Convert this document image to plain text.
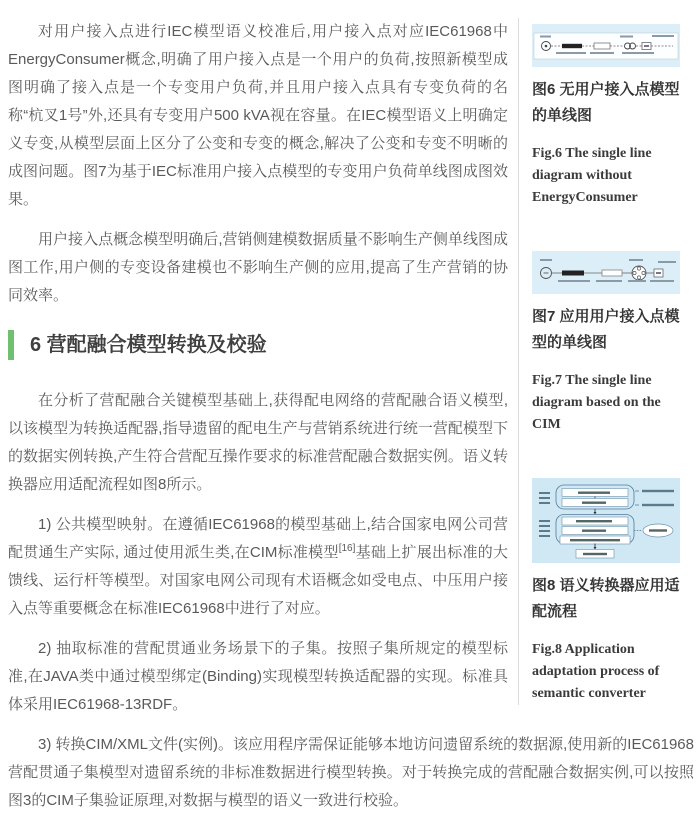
图6 无用户接入点模型的单线图
Fig.6 The single line diagram without EnergyConsumer
图7 应用用户接入点模型的单线图
Fig.7 The single line diagram based on the CIM
图8 语义转换器应用适配流程
Fig.8 Application adaptation process of semantic converter

对用户接入点进行IEC模型语义校准后,用户接入点对应IEC61968中EnergyConsumer概念,明确了用户接入点是一个用户的负荷,按照新模型成图明确了接入点是一个专变用户负荷,并且用户接入点具有专变负荷的名称“杭叉1号”外,还具有专变用户500 kVA视在容量。在IEC模型语义上明确定义专变,从模型层面上区分了公变和专变的概念,解决了公变和专变不明晰的成图问题。图7为基于IEC标准用户接入点模型的专变用户负荷单线图成图效果。

用户接入点概念模型明确后,营销侧建模数据质量不影响生产侧单线图成图工作,用户侧的专变设备建模也不影响生产侧的应用,提高了生产营销的协同效率。

6 营配融合模型转换及校验

在分析了营配融合关键模型基础上,获得配电网络的营配融合语义模型,以该模型为转换适配器,指导遗留的配电生产与营销系统进行统一营配模型下的数据实例转换,产生符合营配互操作要求的标准营配融合数据实例。语义转换器应用适配流程如图8所示。

1) 公共模型映射。在遵循IEC61968的模型基础上,结合国家电网公司营配贯通生产实际, 通过使用派生类,在CIM标准模型[16]基础上扩展出标准的大馈线、运行杆等模型。对国家电网公司现有术语概念如受电点、中压用户接入点等重要概念在标准IEC61968中进行了对应。

2) 抽取标准的营配贯通业务场景下的子集。按照子集所规定的模型标准,在JAVA类中通过模型绑定(Binding)实现模型转换适配器的实现。标准具体采用IEC61968-13RDF。

3) 转换CIM/XML文件(实例)。该应用程序需保证能够本地访问遗留系统的数据源,使用新的IEC61968营配贯通子集模型对遗留系统的非标准数据进行模型转换。对于转换完成的营配融合数据实例,可以按照图3的CIM子集验证原理,对数据与模型的语义一致进行校验。
